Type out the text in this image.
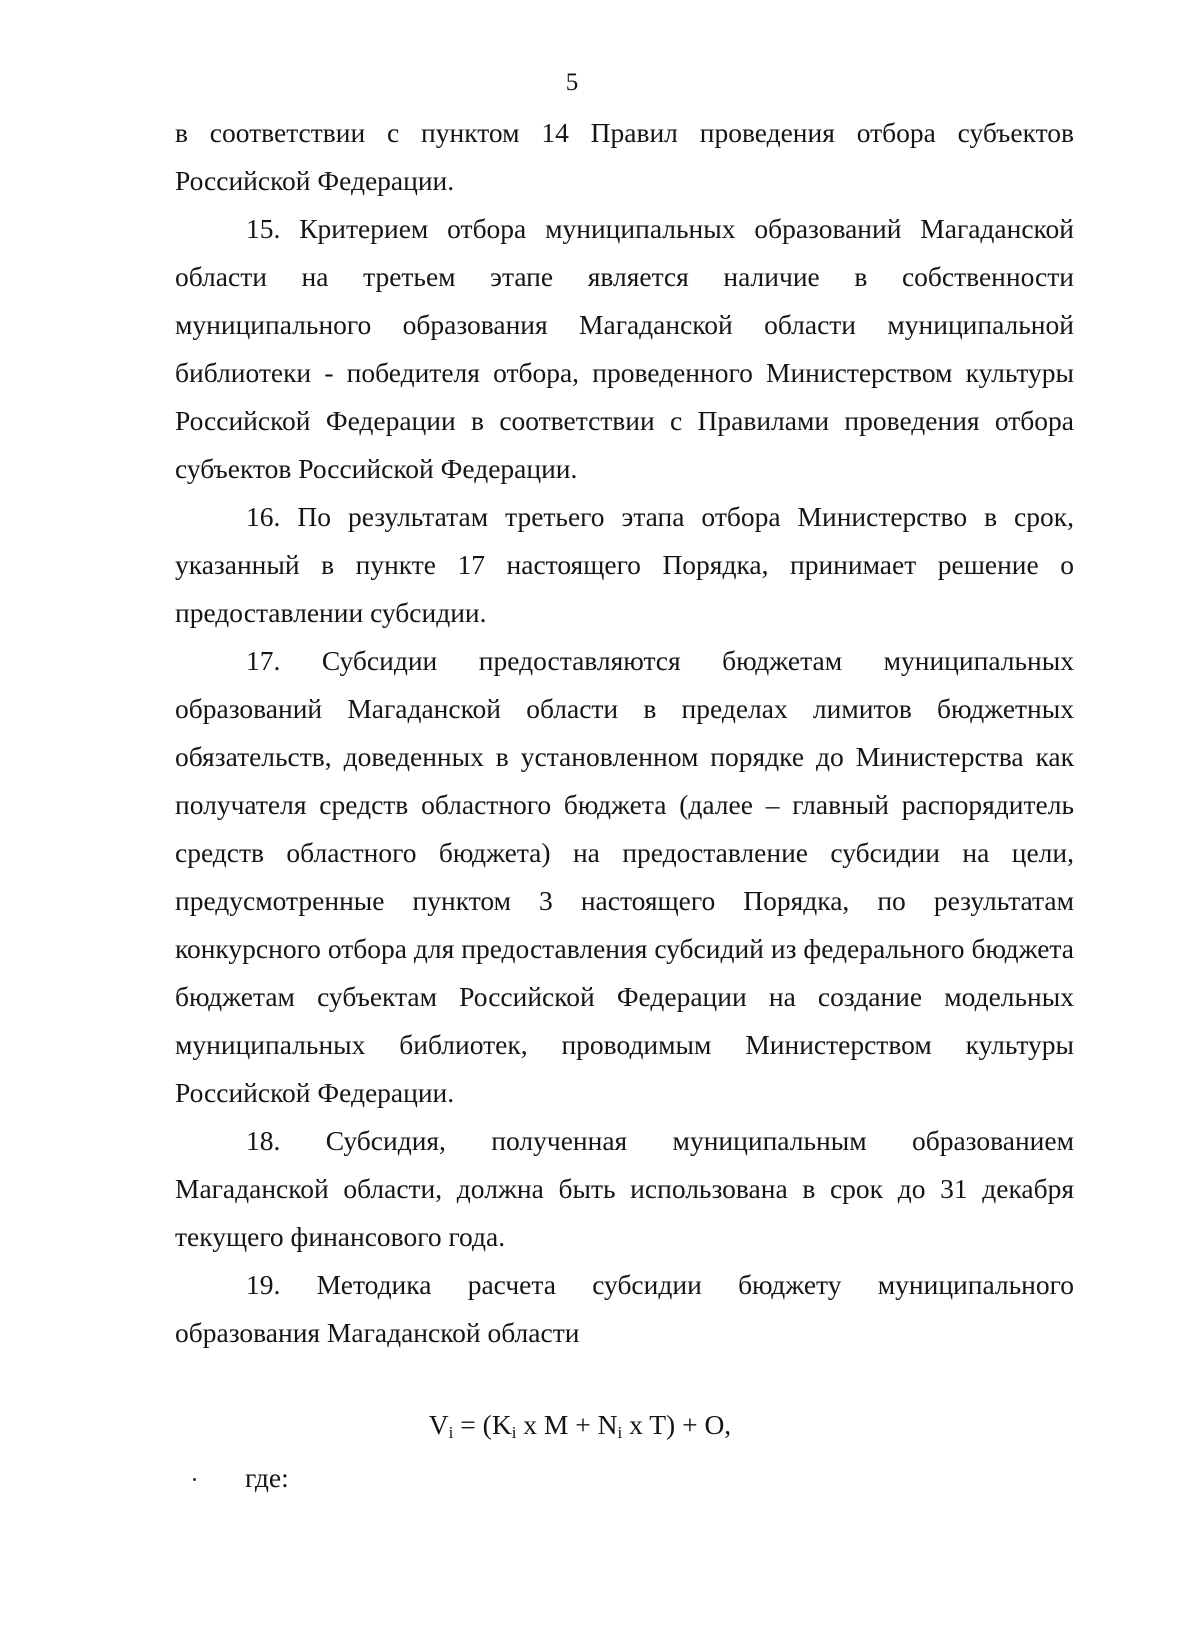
5

в соответствии с пунктом 14 Правил проведения отбора субъектов Российской Федерации.

15. Критерием отбора муниципальных образований Магаданской области на третьем этапе является наличие в собственности муниципального образования Магаданской области муниципальной библиотеки - победителя отбора, проведенного Министерством культуры Российской Федерации в соответствии с Правилами проведения отбора субъектов Российской Федерации.

16. По результатам третьего этапа отбора Министерство в срок, указанный в пункте 17 настоящего Порядка, принимает решение о предоставлении субсидии.

17. Субсидии предоставляются бюджетам муниципальных образований Магаданской области в пределах лимитов бюджетных обязательств, доведенных в установленном порядке до Министерства как получателя средств областного бюджета (далее – главный распорядитель средств областного бюджета) на предоставление субсидии на цели, предусмотренные пунктом 3 настоящего Порядка, по результатам конкурсного отбора для предоставления субсидий из федерального бюджета бюджетам субъектам Российской Федерации на создание модельных муниципальных библиотек, проводимым Министерством культуры Российской Федерации.

18. Субсидия, полученная муниципальным образованием Магаданской области, должна быть использована в срок до 31 декабря текущего финансового года.

19. Методика расчета субсидии бюджету муниципального образования Магаданской области

$V_i = (K_i$ x $M + N_i$ x T) + O,
где:
